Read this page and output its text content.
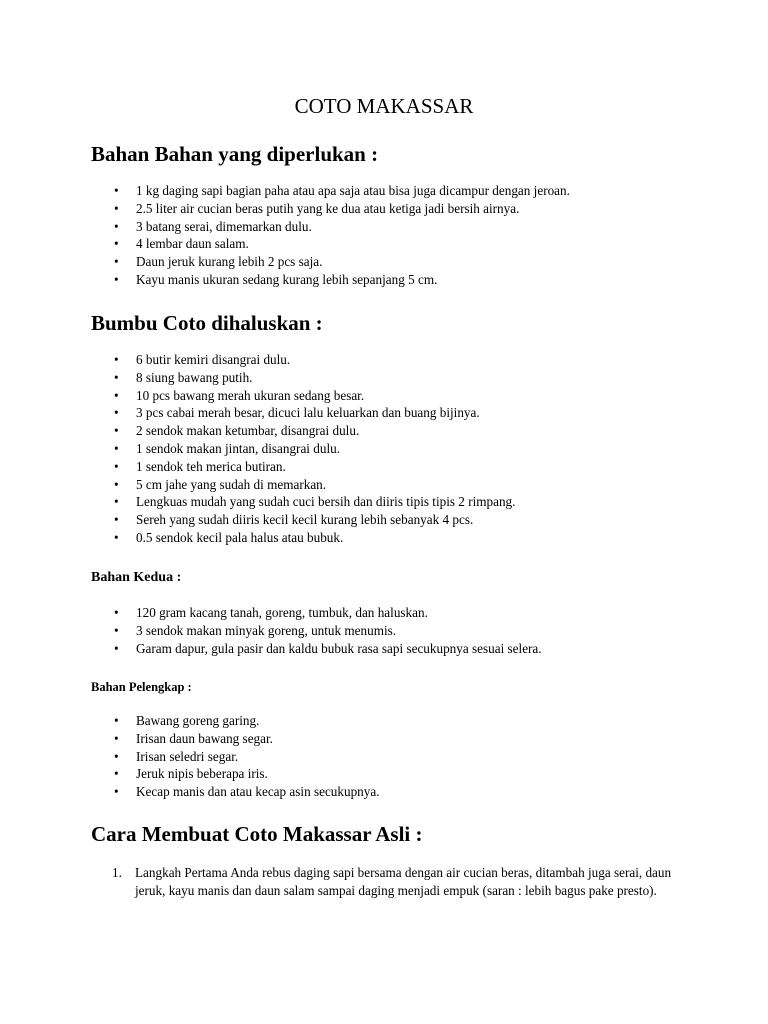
COTO MAKASSAR
Bahan Bahan yang diperlukan :
• 1 kg daging sapi bagian paha atau apa saja atau bisa juga dicampur dengan jeroan.
• 2.5 liter air cucian beras putih yang ke dua atau ketiga jadi bersih airnya.
• 3 batang serai, dimemarkan dulu.
• 4 lembar daun salam.
• Daun jeruk kurang lebih 2 pcs saja.
• Kayu manis ukuran sedang kurang lebih sepanjang 5 cm.
Bumbu Coto dihaluskan :
• 6 butir kemiri disangrai dulu.
• 8 siung bawang putih.
• 10 pcs bawang merah ukuran sedang besar.
• 3 pcs cabai merah besar, dicuci lalu keluarkan dan buang bijinya.
• 2 sendok makan ketumbar, disangrai dulu.
• 1 sendok makan jintan, disangrai dulu.
• 1 sendok teh merica butiran.
• 5 cm jahe yang sudah di memarkan.
• Lengkuas mudah yang sudah cuci bersih dan diiris tipis tipis 2 rimpang.
• Sereh yang sudah diiris kecil kecil kurang lebih sebanyak 4 pcs.
• 0.5 sendok kecil pala halus atau bubuk.
Bahan Kedua :
• 120 gram kacang tanah, goreng, tumbuk, dan haluskan.
• 3 sendok makan minyak goreng, untuk menumis.
• Garam dapur, gula pasir dan kaldu bubuk rasa sapi secukupnya sesuai selera.
Bahan Pelengkap :
• Bawang goreng garing.
• Irisan daun bawang segar.
• Irisan seledri segar.
• Jeruk nipis beberapa iris.
• Kecap manis dan atau kecap asin secukupnya.
Cara Membuat Coto Makassar Asli :
1. Langkah Pertama Anda rebus daging sapi bersama dengan air cucian beras, ditambah juga serai, daun jeruk, kayu manis dan daun salam sampai daging menjadi empuk (saran : lebih bagus pake presto).
